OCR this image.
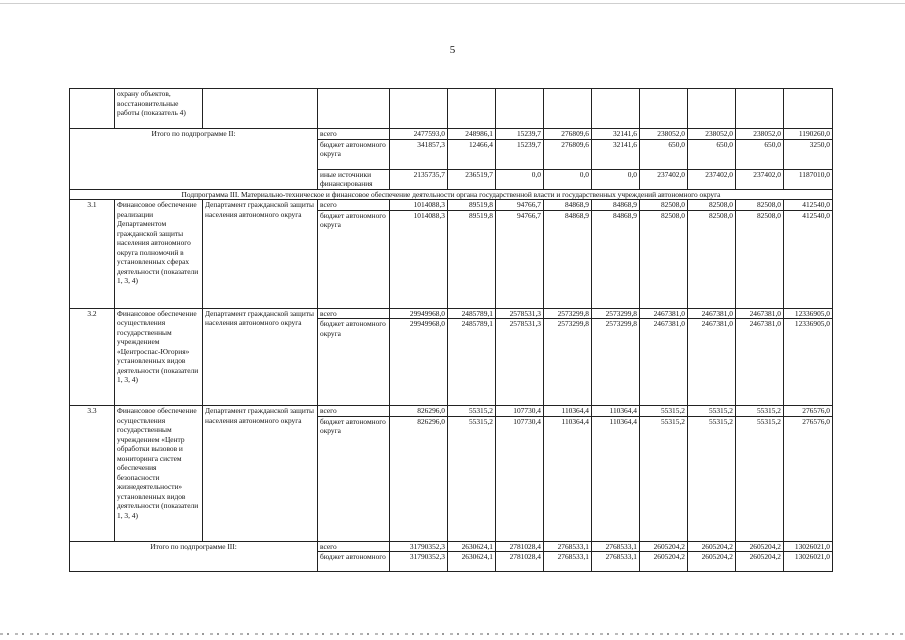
5
	охрану объектов, восстановительные работы (показатель 4)											
Итого по подпрограмме II:			всего	2477593,0	248986,1	15239,7	276809,6	32141,6	238052,0	238052,0	238052,0	1190260,0
			бюджет автономного округа	341857,3	12466,4	15239,7	276809,6	32141,6	650,0	650,0	650,0	3250,0
			иные источники финансирования	2135735,7	236519,7	0,0	0,0	0,0	237402,0	237402,0	237402,0	1187010,0
Подпрограмма III. Материально-техническое и финансовое обеспечение деятельности органа государственной власти и государственных учреждений автономного округа												
3.1	Финансовое обеспечение реализации Департаментом гражданской защиты населения автономного округа полномочий в установленных сферах деятельности (показатели 1, 3, 4)	Департамент гражданской защиты населения автономного округа	всего	1014088,3	89519,8	94766,7	84868,9	84868,9	82508,0	82508,0	82508,0	412540,0
			бюджет автономного округа	1014088,3	89519,8	94766,7	84868,9	84868,9	82508,0	82508,0	82508,0	412540,0
3.2	Финансовое обеспечение осуществления государственным учреждением «Центроспас-Югория» установленных видов деятельности (показатели 1, 3, 4)	Департамент гражданской защиты населения автономного округа	всего	29949968,0	2485789,1	2578531,3	2573299,8	2573299,8	2467381,0	2467381,0	2467381,0	12336905,0
			бюджет автономного округа	29949968,0	2485789,1	2578531,3	2573299,8	2573299,8	2467381,0	2467381,0	2467381,0	12336905,0
3.3	Финансовое обеспечение осуществления государственным учреждением «Центр обработки вызовов и мониторинга систем обеспечения безопасности жизнедеятельности» установленных видов деятельности (показатели 1, 3, 4)	Департамент гражданской защиты населения автономного округа	всего	826296,0	55315,2	107730,4	110364,4	110364,4	55315,2	55315,2	55315,2	276576,0
			бюджет автономного округа	826296,0	55315,2	107730,4	110364,4	110364,4	55315,2	55315,2	55315,2	276576,0
Итого по подпрограмме III:			всего	31790352,3	2630624,1	2781028,4	2768533,1	2768533,1	2605204,2	2605204,2	2605204,2	13026021,0
			бюджет автономного	31790352,3	2630624,1	2781028,4	2768533,1	2768533,1	2605204,2	2605204,2	2605204,2	13026021,0
